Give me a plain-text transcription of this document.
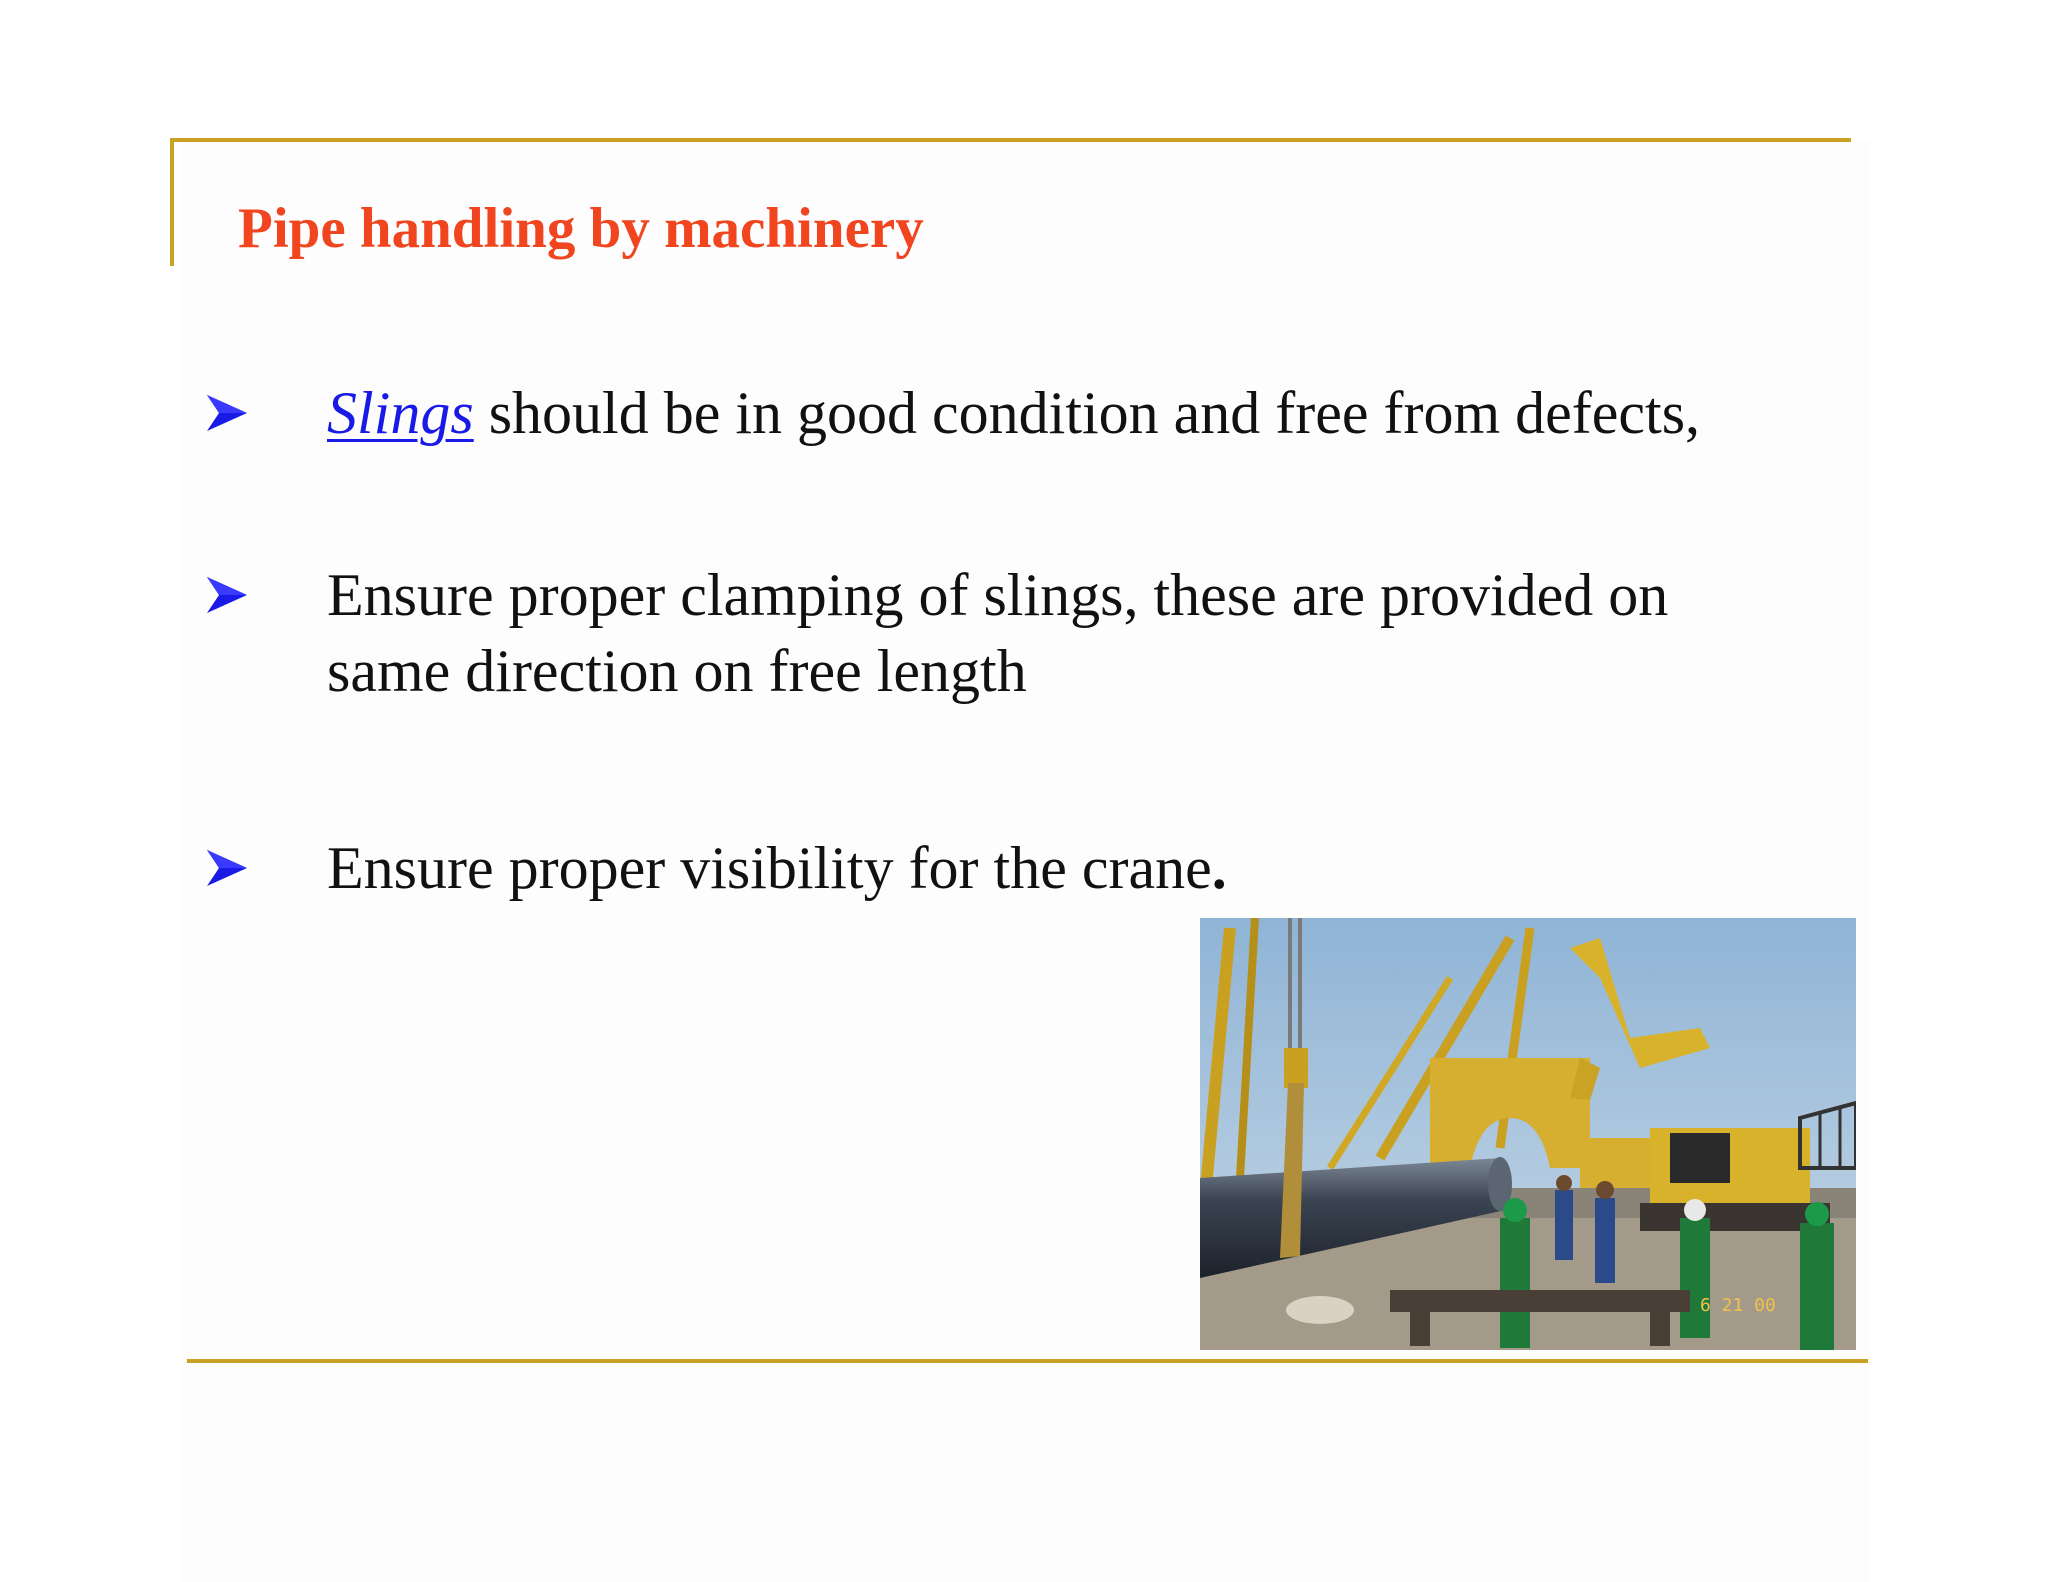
Pipe handling by machinery
Slings should be in good condition and free from defects,
Ensure proper clamping of slings, these are provided on same direction on free length
Ensure proper visibility for the crane.
6 21 00
